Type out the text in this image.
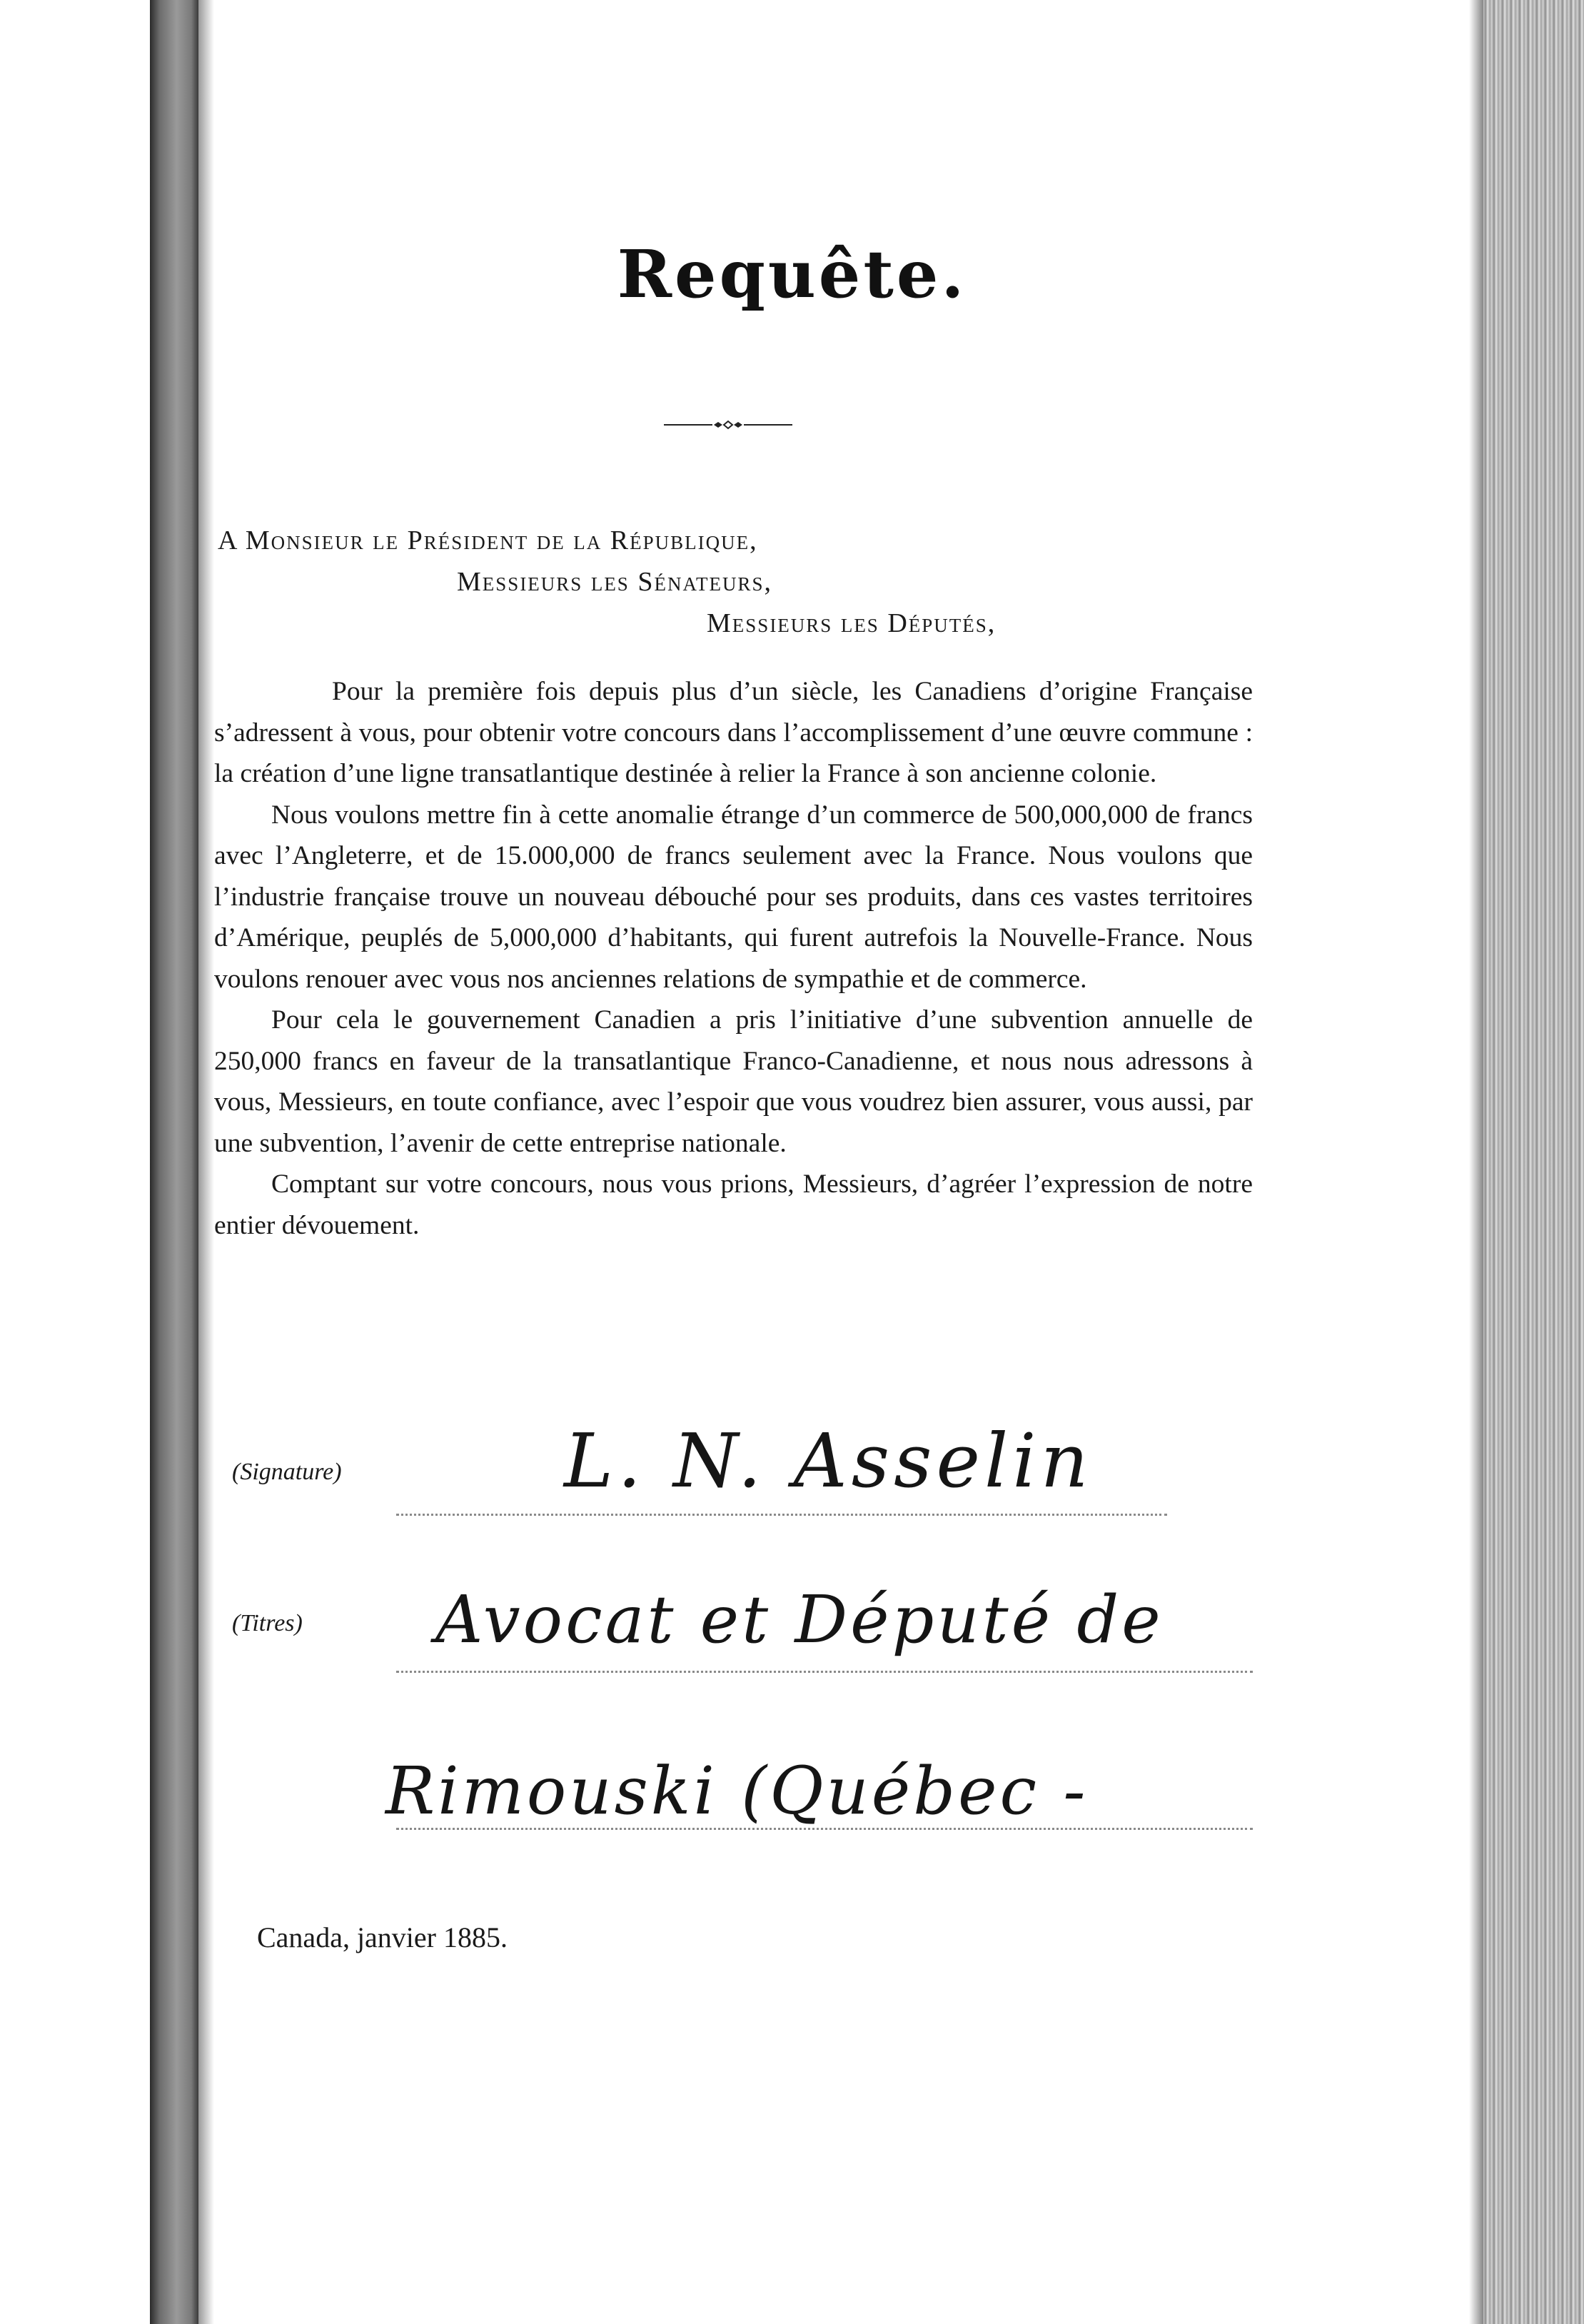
Requête.
A Monsieur le Président de la République,
Messieurs les Sénateurs,
Messieurs les Députés,

Pour la première fois depuis plus d’un siècle, les Canadiens d’origine Française s’adressent à vous, pour obtenir votre concours dans l’accomplissement d’une œuvre commune : la création d’une ligne transatlantique destinée à relier la France à son ancienne colonie.

Nous voulons mettre fin à cette anomalie étrange d’un commerce de 500,000,000 de francs avec l’Angleterre, et de 15.000,000 de francs seulement avec la France. Nous voulons que l’industrie française trouve un nouveau débouché pour ses produits, dans ces vastes territoires d’Amérique, peuplés de 5,000,000 d’habitants, qui furent autrefois la Nouvelle-France. Nous voulons renouer avec vous nos anciennes relations de sympathie et de commerce.

Pour cela le gouvernement Canadien a pris l’initiative d’une subvention annuelle de 250,000 francs en faveur de la transatlantique Franco-Canadienne, et nous nous adressons à vous, Messieurs, en toute confiance, avec l’espoir que vous voudrez bien assurer, vous aussi, par une subvention, l’avenir de cette entreprise nationale.

Comptant sur votre concours, nous vous prions, Messieurs, d’agréer l’expression de notre entier dévouement.

(Signature)	L. N. Asselin
(Titres) Avocat et Député de
Rimouski (Québec -
Canada, janvier 1885.
